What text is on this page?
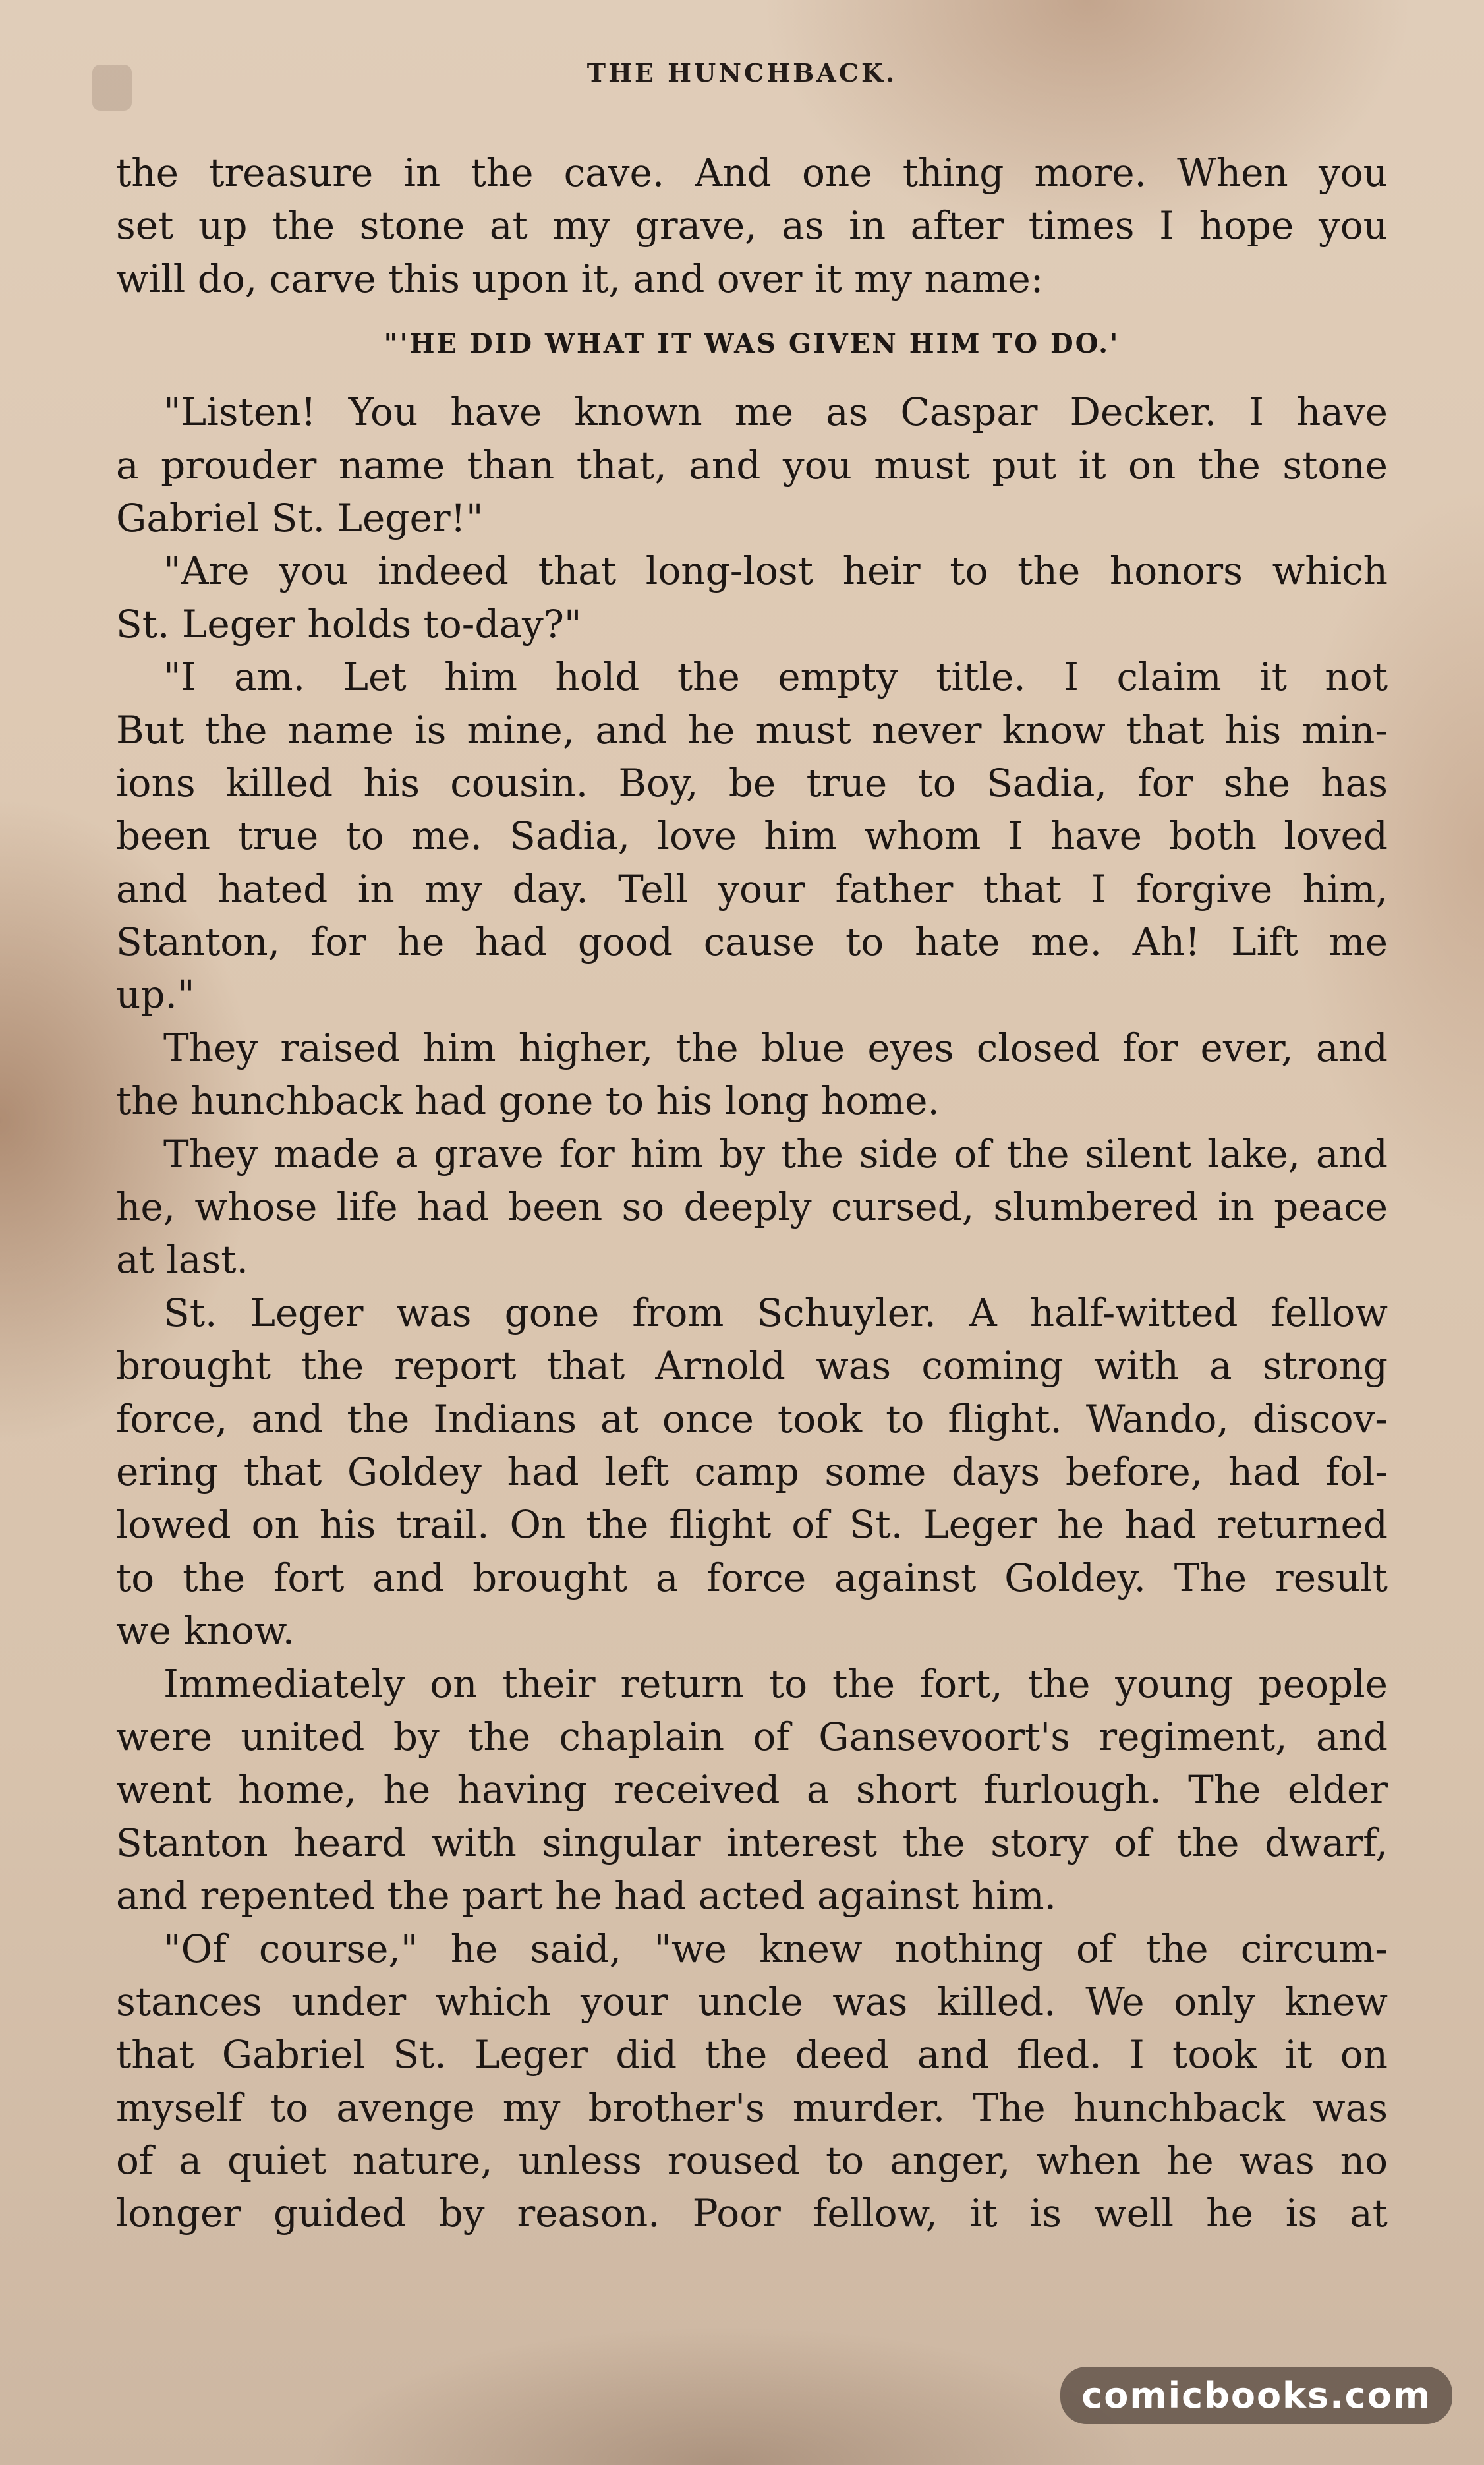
THE HUNCHBACK.
the treasure in the cave. And one thing more. When you
set up the stone at my grave, as in after times I hope you
will do, carve this upon it, and over it my name:
"'HE DID WHAT IT WAS GIVEN HIM TO DO.'
"Listen! You have known me as Caspar Decker. I have
a prouder name than that, and you must put it on the stone
Gabriel St. Leger!"
"Are you indeed that long-lost heir to the honors which
St. Leger holds to-day?"
"I am. Let him hold the empty title. I claim it not
But the name is mine, and he must never know that his min-
ions killed his cousin. Boy, be true to Sadia, for she has
been true to me. Sadia, love him whom I have both loved
and hated in my day. Tell your father that I forgive him,
Stanton, for he had good cause to hate me. Ah! Lift me
up."
They raised him higher, the blue eyes closed for ever, and
the hunchback had gone to his long home.
They made a grave for him by the side of the silent lake, and
he, whose life had been so deeply cursed, slumbered in peace
at last.
St. Leger was gone from Schuyler. A half-witted fellow
brought the report that Arnold was coming with a strong
force, and the Indians at once took to flight. Wando, discov-
ering that Goldey had left camp some days before, had fol-
lowed on his trail. On the flight of St. Leger he had returned
to the fort and brought a force against Goldey. The result
we know.
Immediately on their return to the fort, the young people
were united by the chaplain of Gansevoort's regiment, and
went home, he having received a short furlough. The elder
Stanton heard with singular interest the story of the dwarf,
and repented the part he had acted against him.
"Of course," he said, "we knew nothing of the circum-
stances under which your uncle was killed. We only knew
that Gabriel St. Leger did the deed and fled. I took it on
myself to avenge my brother's murder. The hunchback was
of a quiet nature, unless roused to anger, when he was no
longer guided by reason. Poor fellow, it is well he is at
comicbooks.com
